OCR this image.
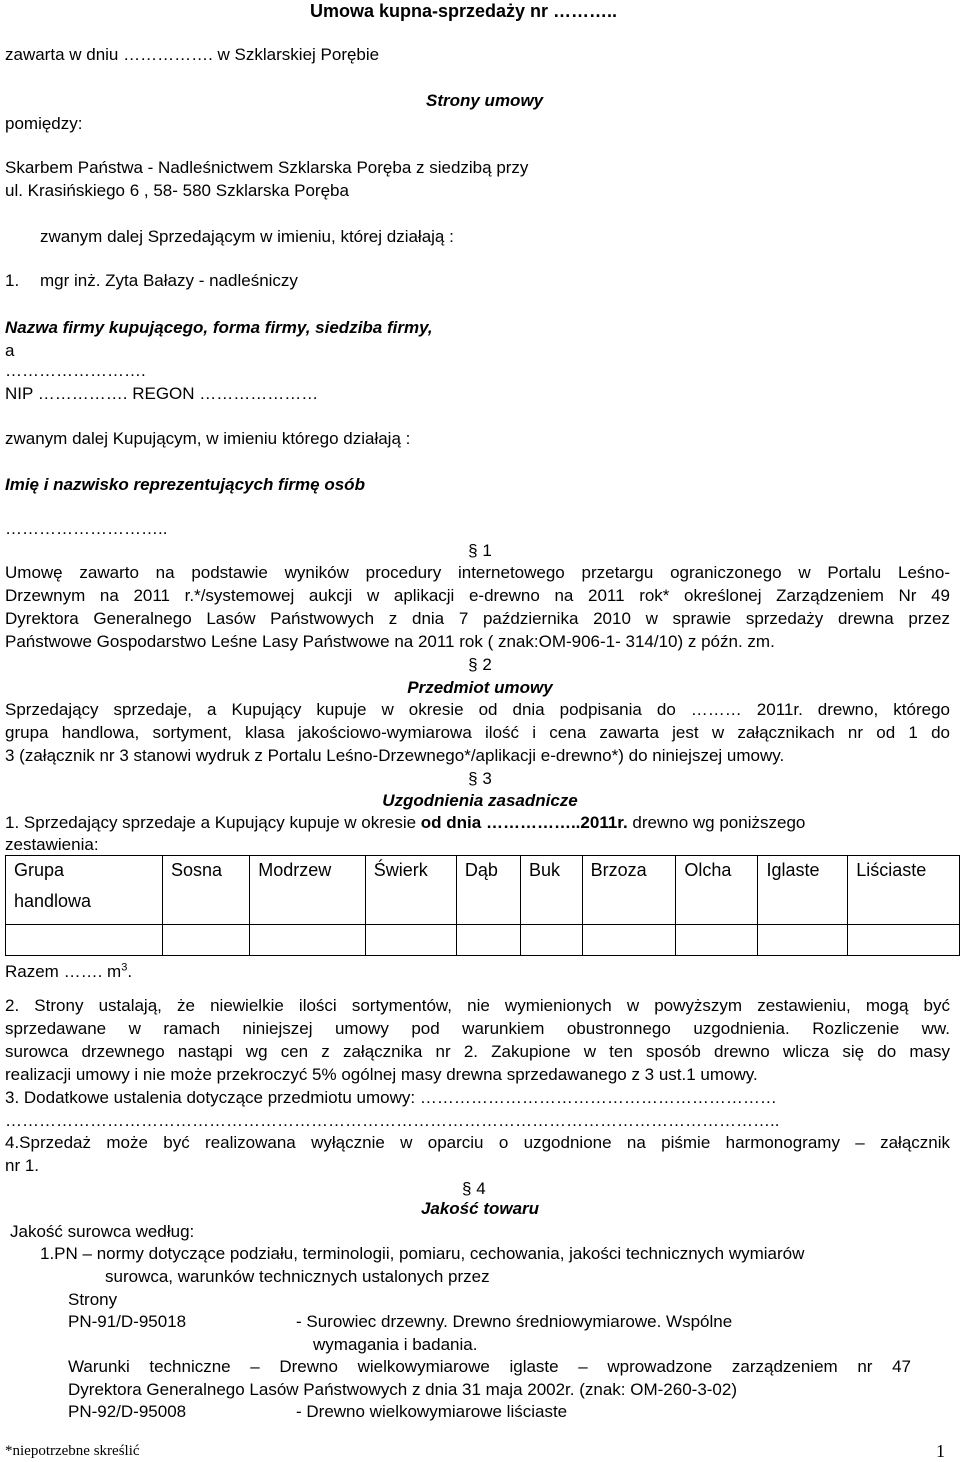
Umowa kupna-sprzedaży nr ………..
zawarta w dniu ……………. w Szklarskiej Porębie
Strony umowy
pomiędzy:
Skarbem Państwa - Nadleśnictwem Szklarska Poręba z siedzibą przy
ul. Krasińskiego 6 , 58- 580 Szklarska Poręba
zwanym dalej Sprzedającym w imieniu, której działają :
1. mgr inż. Zyta Bałazy - nadleśniczy
Nazwa firmy kupującego, forma firmy, siedziba firmy,
a
…………………….
NIP ……………. REGON …………………
zwanym dalej Kupującym, w imieniu którego działają :
Imię i nazwisko reprezentujących firmę osób
………………………..
§ 1
Umowę zawarto na podstawie wyników procedury internetowego przetargu ograniczonego w Portalu Leśno-
Drzewnym na 2011 r.*/systemowej aukcji w aplikacji e-drewno na 2011 rok* określonej Zarządzeniem Nr 49
Dyrektora Generalnego Lasów Państwowych z dnia 7 października 2010 w sprawie sprzedaży drewna przez
Państwowe Gospodarstwo Leśne Lasy Państwowe na 2011 rok ( znak:OM-906-1- 314/10) z późn. zm.
§ 2
Przedmiot umowy
Sprzedający sprzedaje, a Kupujący kupuje w okresie od dnia podpisania do ……… 2011r. drewno, którego
grupa handlowa, sortyment, klasa jakościowo-wymiarowa ilość i cena zawarta jest w załącznikach nr od 1 do
3 (załącznik nr 3 stanowi wydruk z Portalu Leśno-Drzewnego*/aplikacji e-drewno*) do niniejszej umowy.
§ 3
Uzgodnienia zasadnicze
1. Sprzedający sprzedaje a Kupujący kupuje w okresie od dnia ……………..2011r. drewno wg poniższego
zestawienia:
Grupa
handlowa	Sosna	Modrzew	Świerk	Dąb	Buk	Brzoza	Olcha	Iglaste	Liściaste

Razem ……. $m^3$.
2. Strony ustalają, że niewielkie ilości sortymentów, nie wymienionych w powyższym zestawieniu, mogą być
sprzedawane w ramach niniejszej umowy pod warunkiem obustronnego uzgodnienia. Rozliczenie ww.
surowca drzewnego nastąpi wg cen z załącznika nr 2. Zakupione w ten sposób drewno wlicza się do masy
realizacji umowy i nie może przekroczyć 5% ogólnej masy drewna sprzedawanego z 3 ust.1 umowy.
3. Dodatkowe ustalenia dotyczące przedmiotu umowy: ………………………………………………………
………………………………………………………………………………………………………………………..
4.Sprzedaż może być realizowana wyłącznie w oparciu o uzgodnione na piśmie harmonogramy – załącznik
nr 1.
§ 4
Jakość towaru
Jakość surowca według:
1.PN – normy dotyczące podziału, terminologii, pomiaru, cechowania, jakości technicznych wymiarów
surowca, warunków technicznych ustalonych przez
Strony
PN-91/D-95018	- Surowiec drzewny. Drewno średniowymiarowe. Wspólne
wymagania i badania.
Warunki techniczne – Drewno wielkowymiarowe iglaste – wprowadzone zarządzeniem nr 47
Dyrektora Generalnego Lasów Państwowych z dnia 31 maja 2002r. (znak: OM-260-3-02)
PN-92/D-95008	- Drewno wielkowymiarowe liściaste
*niepotrzebne skreślić	1
